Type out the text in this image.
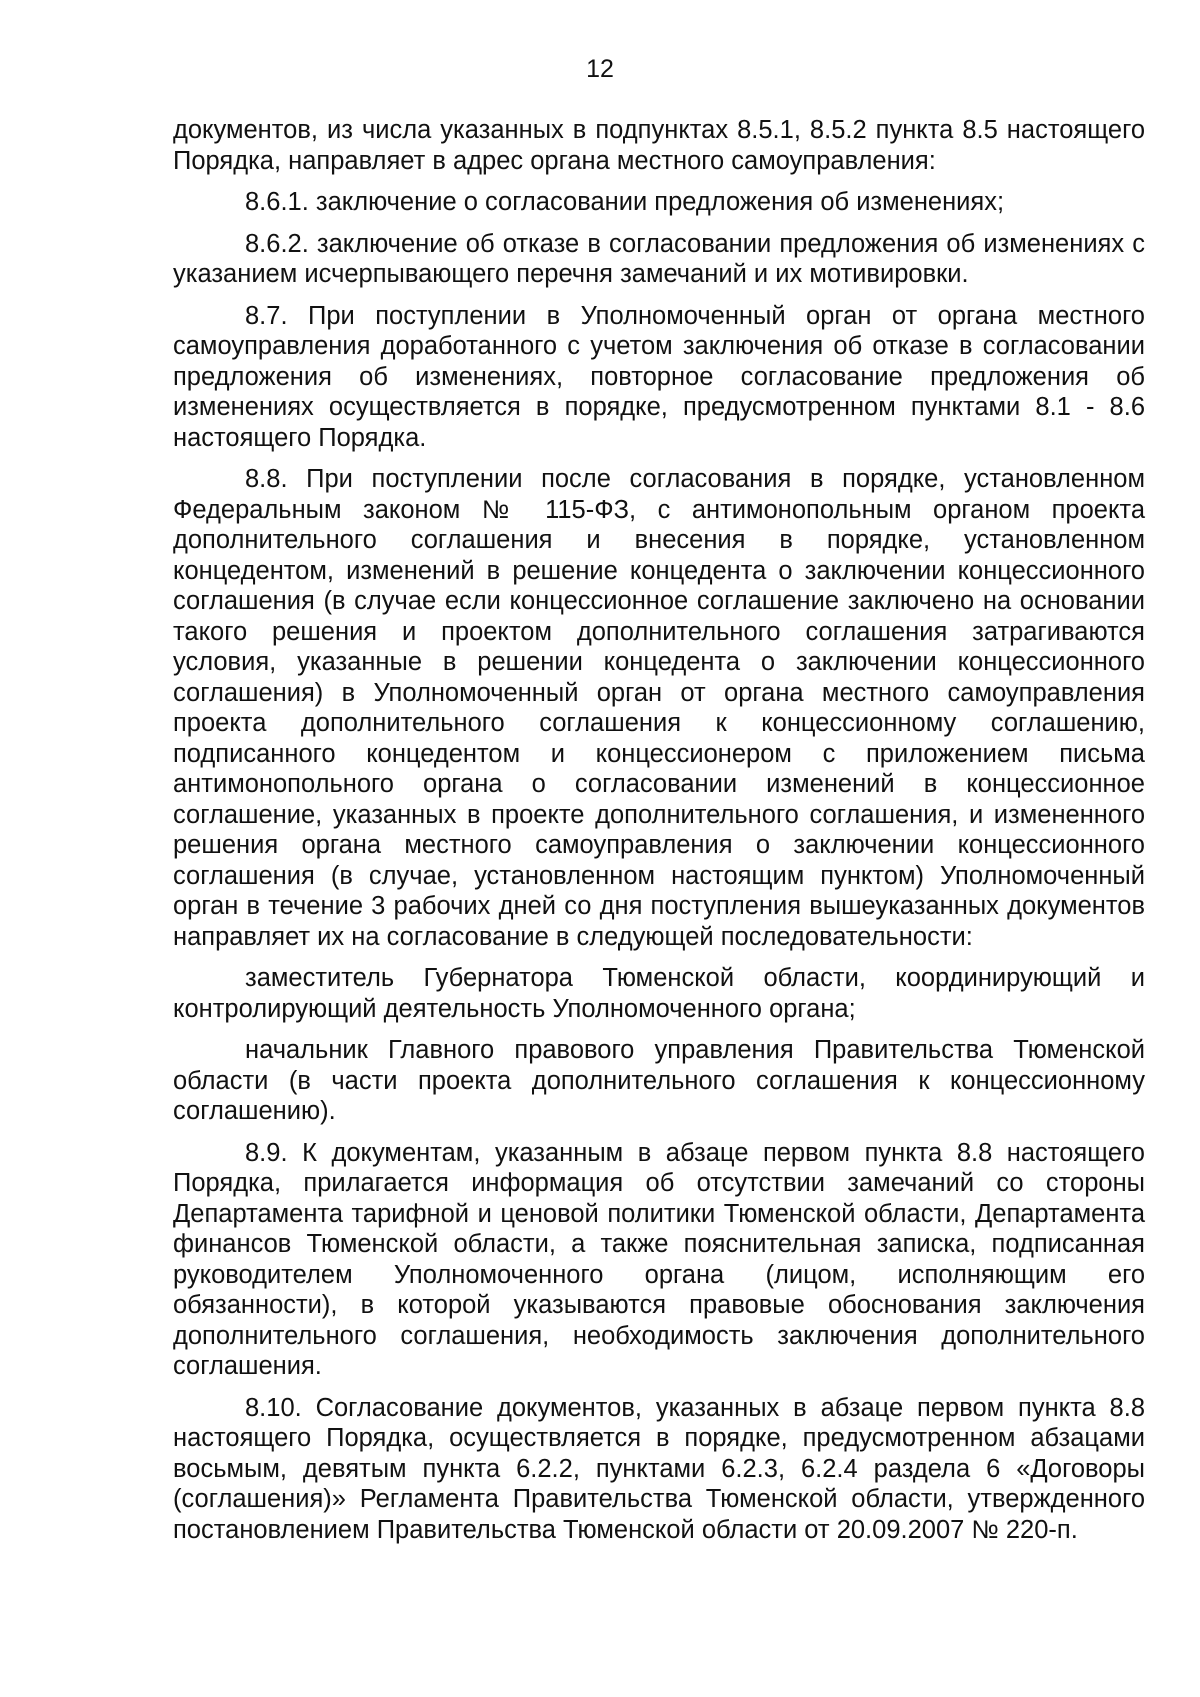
12

документов, из числа указанных в подпунктах 8.5.1, 8.5.2 пункта 8.5 настоящего Порядка, направляет в адрес органа местного самоуправления:

8.6.1. заключение о согласовании предложения об изменениях;

8.6.2. заключение об отказе в согласовании предложения об изменениях с указанием исчерпывающего перечня замечаний и их мотивировки.

8.7. При поступлении в Уполномоченный орган от органа местного самоуправления доработанного с учетом заключения об отказе в согласовании предложения об изменениях, повторное согласование предложения об изменениях осуществляется в порядке, предусмотренном пунктами 8.1 - 8.6 настоящего Порядка.

8.8. При поступлении после согласования в порядке, установленном Федеральным законом № 115-ФЗ, с антимонопольным органом проекта дополнительного соглашения и внесения в порядке, установленном концедентом, изменений в решение концедента о заключении концессионного соглашения (в случае если концессионное соглашение заключено на основании такого решения и проектом дополнительного соглашения затрагиваются условия, указанные в решении концедента о заключении концессионного соглашения) в Уполномоченный орган от органа местного самоуправления проекта дополнительного соглашения к концессионному соглашению, подписанного концедентом и концессионером с приложением письма антимонопольного органа о согласовании изменений в концессионное соглашение, указанных в проекте дополнительного соглашения, и измененного решения органа местного самоуправления о заключении концессионного соглашения (в случае, установленном настоящим пунктом) Уполномоченный орган в течение 3 рабочих дней со дня поступления вышеуказанных документов направляет их на согласование в следующей последовательности:

заместитель Губернатора Тюменской области, координирующий и контролирующий деятельность Уполномоченного органа;

начальник Главного правового управления Правительства Тюменской области (в части проекта дополнительного соглашения к концессионному соглашению).

8.9. К документам, указанным в абзаце первом пункта 8.8 настоящего Порядка, прилагается информация об отсутствии замечаний со стороны Департамента тарифной и ценовой политики Тюменской области, Департамента финансов Тюменской области, а также пояснительная записка, подписанная руководителем Уполномоченного органа (лицом, исполняющим его обязанности), в которой указываются правовые обоснования заключения дополнительного соглашения, необходимость заключения дополнительного соглашения.

8.10. Согласование документов, указанных в абзаце первом пункта 8.8 настоящего Порядка, осуществляется в порядке, предусмотренном абзацами восьмым, девятым пункта 6.2.2, пунктами 6.2.3, 6.2.4 раздела 6 «Договоры (соглашения)» Регламента Правительства Тюменской области, утвержденного постановлением Правительства Тюменской области от 20.09.2007 № 220-п.
